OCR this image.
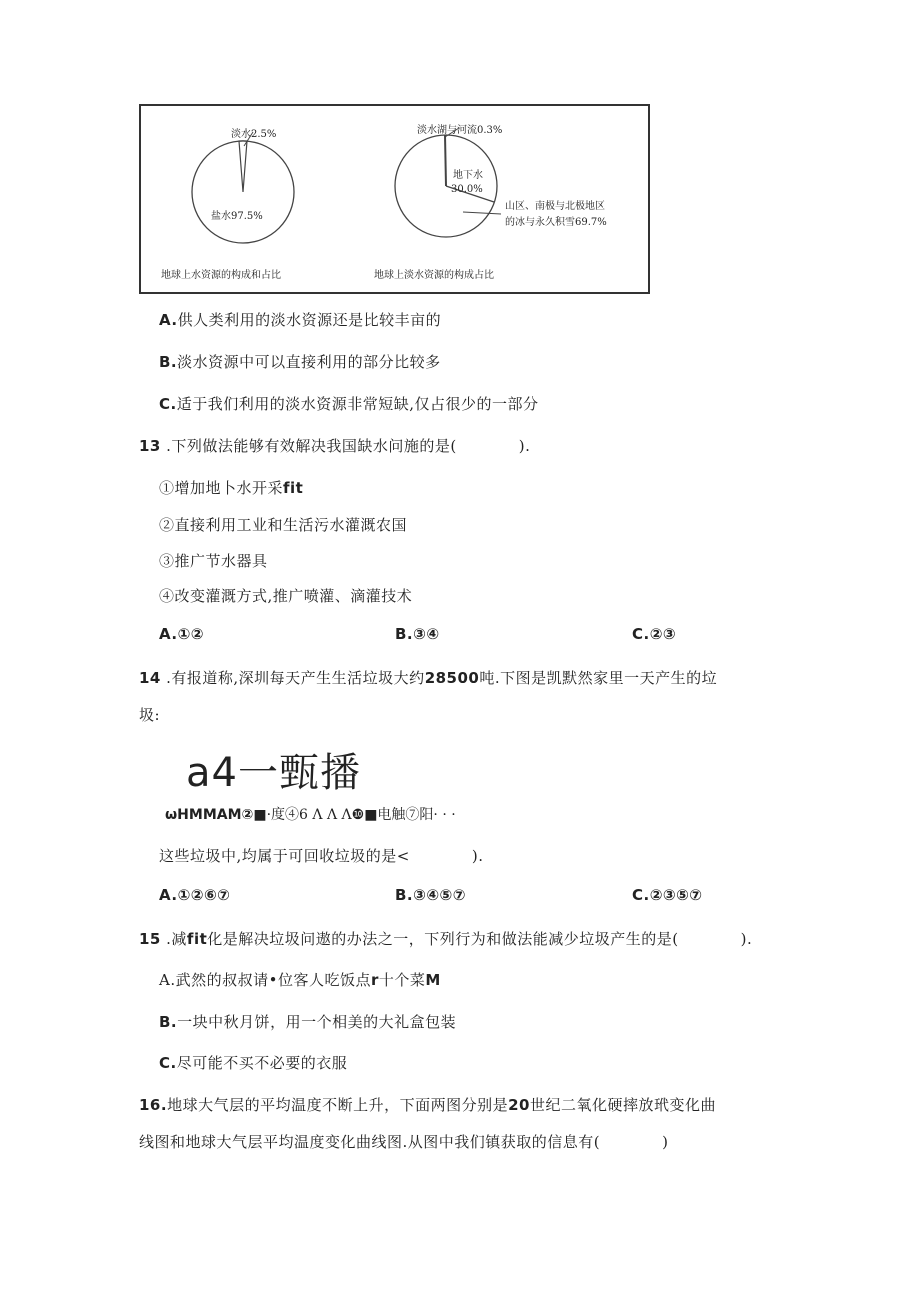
淡水2.5%
盐水97.5%
地球上水资源的构成和占比
淡水湖与河流0.3%
地下水
30.0%
山区、南极与北极地区
的冰与永久积雪69.7%
地球上淡水资源的构成占比
A.供人类利用的淡水资源还是比较丰亩的
B.淡水资源中可以直接利用的部分比较多
C.适于我们利用的淡水资源非常短缺,仅占很少的一部分
13 .下列做法能够有效解决我国缺水问施的是(　　　　).
①增加地卜水开采fit
②直接利用工业和生活污水灌溉农国
③推广节水器具
④改变灌溉方式,推广喷灌、滴灌技术
A.①②	B.③④	C.②③
14 .有报道称,深圳每天产生生活垃圾大约28500吨.下图是凯默然家里一天产生的垃
圾:
a4一甄播
ωHMMAM②■·度④6 Λ Λ Λ❿■电触⑦阳· · ·
这些垃圾中,均属于可回收垃圾的是<　　　　).
A.①②⑥⑦	B.③④⑤⑦	C.②③⑤⑦
15 .减fit化是解决垃圾问遨的办法之一，下列行为和做法能减少垃圾产生的是(　　　　).
A.武然的叔叔请•位客人吃饭点r十个菜M
B.一块中秋月饼，用一个相美的大礼盒包装
C.尽可能不买不必要的衣服
16.地球大气层的平均温度不断上升，下面两图分别是20世纪二氧化硬摔放玳变化曲
线图和地球大气层平均温度变化曲线图.从图中我们镇获取的信息有(　　　　)
